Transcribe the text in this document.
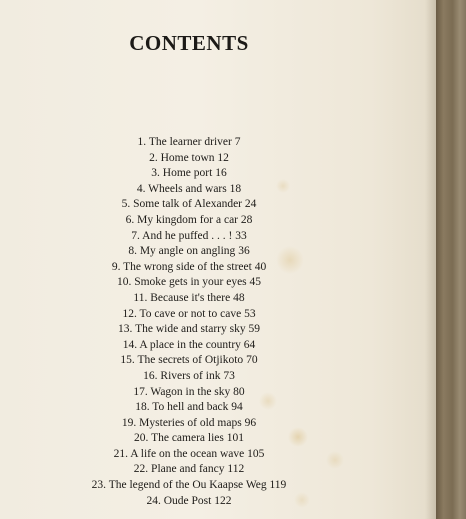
CONTENTS
1. The learner driver 7
2. Home town 12
3. Home port 16
4. Wheels and wars 18
5. Some talk of Alexander 24
6. My kingdom for a car 28
7. And he puffed . . . ! 33
8. My angle on angling 36
9. The wrong side of the street 40
10. Smoke gets in your eyes 45
11. Because it's there 48
12. To cave or not to cave 53
13. The wide and starry sky 59
14. A place in the country 64
15. The secrets of Otjikoto 70
16. Rivers of ink 73
17. Wagon in the sky 80
18. To hell and back 94
19. Mysteries of old maps 96
20. The camera lies 101
21. A life on the ocean wave 105
22. Plane and fancy 112
23. The legend of the Ou Kaapse Weg 119
24. Oude Post 122
